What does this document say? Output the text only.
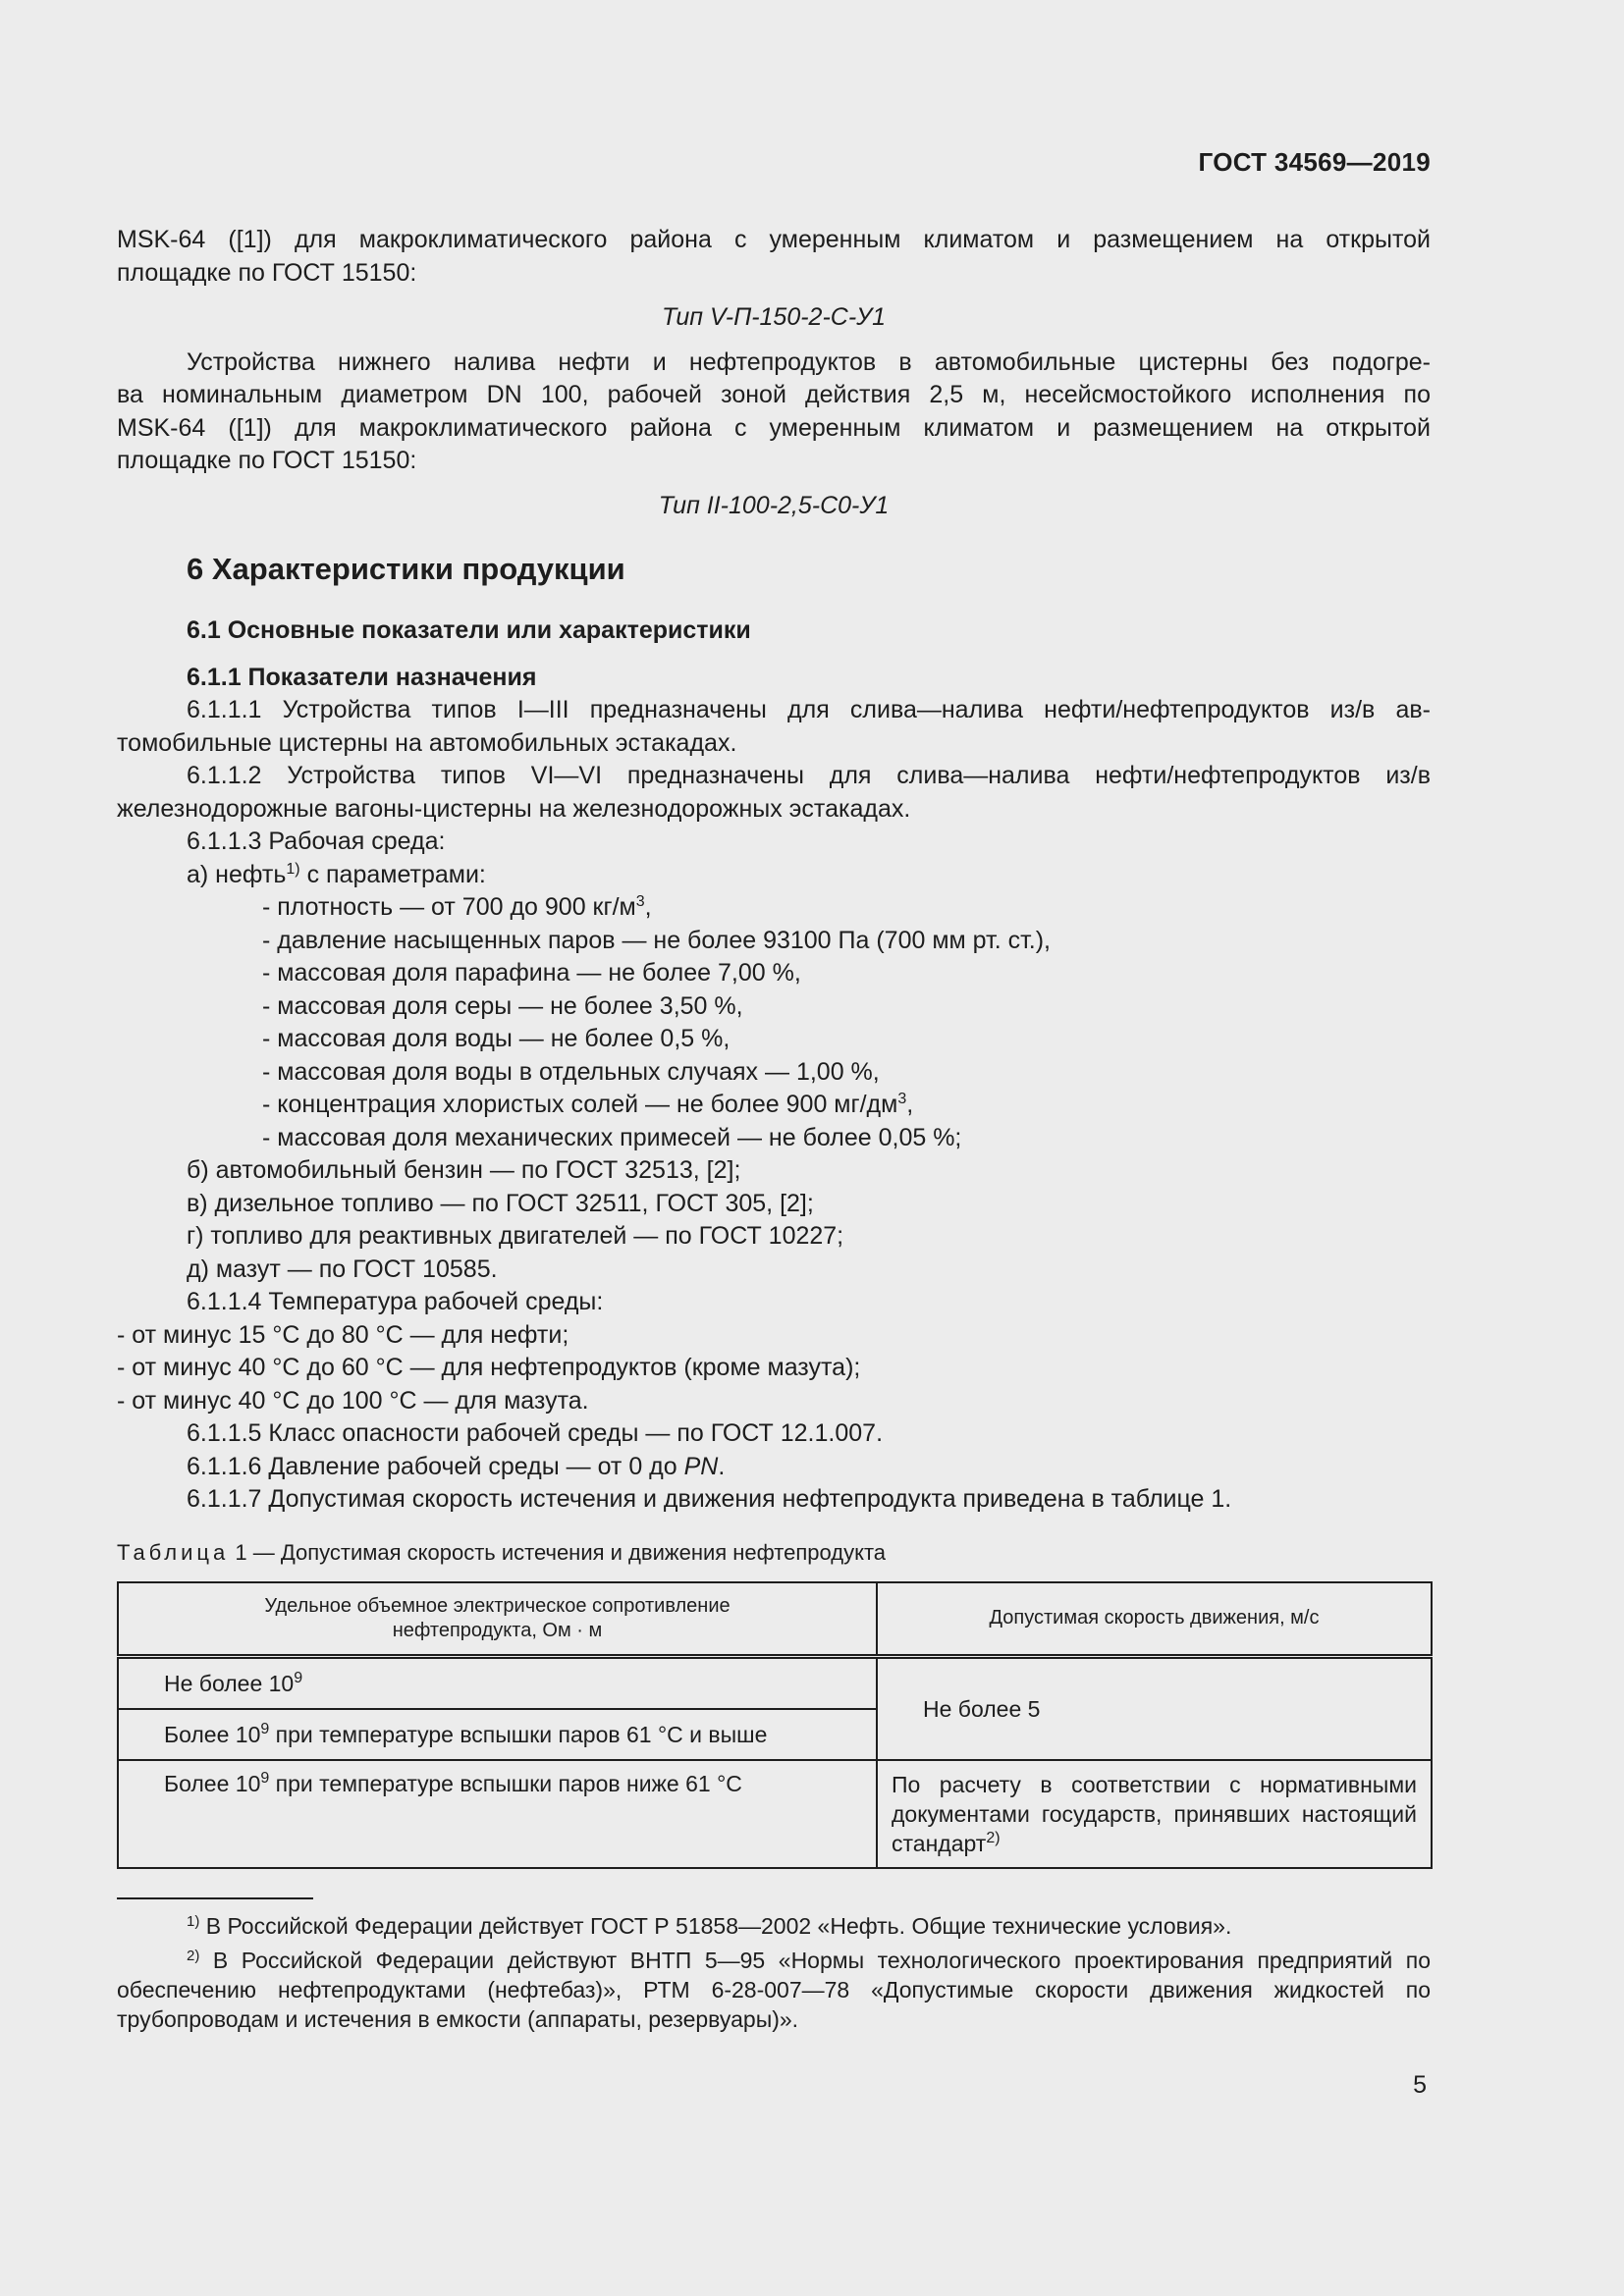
ГОСТ 34569—2019

MSK-64 ([1]) для макроклиматического района с умеренным климатом и размещением на открытой

площадке по ГОСТ 15150:

Тип V-П-150-2-С-У1

Устройства нижнего налива нефти и нефтепродуктов в автомобильные цистерны без подогре-

ва номинальным диаметром DN 100, рабочей зоной действия 2,5 м, несейсмостойкого исполнения по

MSK-64 ([1]) для макроклиматического района с умеренным климатом и размещением на открытой

площадке по ГОСТ 15150:

Тип II-100-2,5-С0-У1

6 Характеристики продукции
6.1 Основные показатели или характеристики
6.1.1 Показатели назначения

6.1.1.1 Устройства типов I—III предназначены для слива—налива нефти/нефтепродуктов из/в ав-

томобильные цистерны на автомобильных эстакадах.

6.1.1.2 Устройства типов VI—VI предназначены для слива—налива нефти/нефтепродуктов из/в

железнодорожные вагоны-цистерны на железнодорожных эстакадах.

6.1.1.3 Рабочая среда:

а) нефть$^{1)}$ с параметрами:

- плотность — от 700 до 900 $кг/м^3$,

- давление насыщенных паров — не более 93100 Па (700 мм рт. ст.),

- массовая доля парафина — не более 7,00 %,

- массовая доля серы — не более 3,50 %,

- массовая доля воды — не более 0,5 %,

- массовая доля воды в отдельных случаях — 1,00 %,

- концентрация хлористых солей — не более 900 $мг/дм^3$,

- массовая доля механических примесей — не более 0,05 %;

б) автомобильный бензин — по ГОСТ 32513, [2];

в) дизельное топливо — по ГОСТ 32511, ГОСТ 305, [2];

г) топливо для реактивных двигателей — по ГОСТ 10227;

д) мазут — по ГОСТ 10585.

6.1.1.4 Температура рабочей среды:

- от минус 15 °С до 80 °С — для нефти;

- от минус 40 °С до 60 °С — для нефтепродуктов (кроме мазута);

- от минус 40 °С до 100 °С — для мазута.

6.1.1.5 Класс опасности рабочей среды — по ГОСТ 12.1.007.

6.1.1.6 Давление рабочей среды — от 0 до PN.

6.1.1.7 Допустимая скорость истечения и движения нефтепродукта приведена в таблице 1.

Таблица 1 — Допустимая скорость истечения и движения нефтепродукта
Удельное объемное электрическое сопротивление
нефтепродукта, Ом · м	Допустимая скорость движения, м/с
Не более $10^9$	Не более 5
Более $10^9$ при температуре вспышки паров 61 °С и выше	
Более $10^9$ при температуре вспышки паров ниже 61 °С	По расчету в соответствии с нормативными документами государств, принявших настоящий стандарт$^{2)}$

$^{1)}$ В Российской Федерации действует ГОСТ Р 51858—2002 «Нефть. Общие технические условия».

$^{2)}$ В Российской Федерации действуют ВНТП 5—95 «Нормы технологического проектирования предприятий по обеспечению нефтепродуктами (нефтебаз)», РТМ 6-28-007—78 «Допустимые скорости движения жидкостей по трубопроводам и истечения в емкости (аппараты, резервуары)».

5
